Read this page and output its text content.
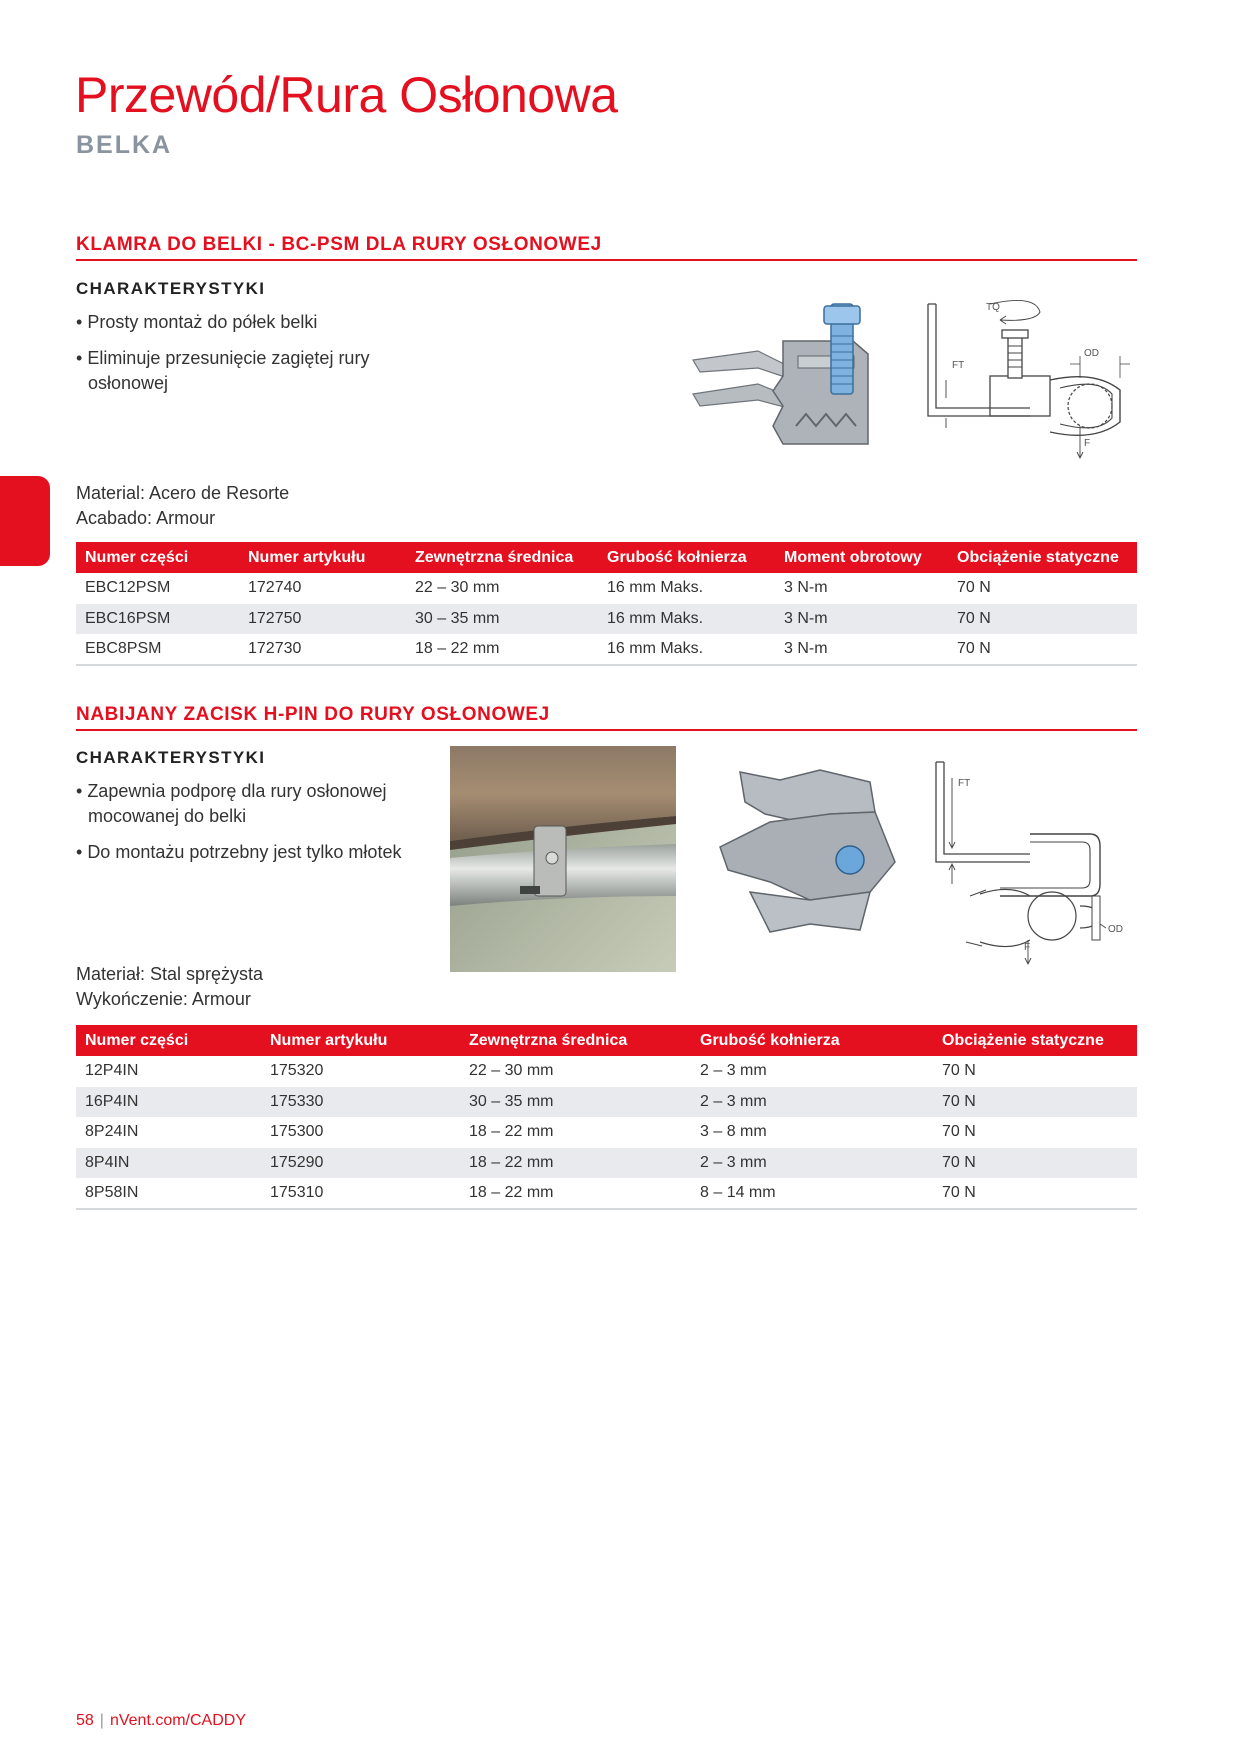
Przewód/Rura Osłonowa
BELKA
KLAMRA DO BELKI - BC-PSM DLA RURY OSŁONOWEJ
CHARAKTERYSTYKI
• Prosty montaż do półek belki
• Eliminuje przesunięcie zagiętej rury osłonowej
TQ
FT
OD
F
Material: Acero de Resorte
Acabado: Armour
Numer części	Numer artykułu	Zewnętrzna średnica	Grubość kołnierza	Moment obrotowy	Obciążenie statyczne
EBC12PSM	172740	22 – 30 mm	16 mm Maks.	3 N-m	70 N
EBC16PSM	172750	30 – 35 mm	16 mm Maks.	3 N-m	70 N
EBC8PSM	172730	18 – 22 mm	16 mm Maks.	3 N-m	70 N
NABIJANY ZACISK H-PIN DO RURY OSŁONOWEJ
CHARAKTERYSTYKI
• Zapewnia podporę dla rury osłonowej mocowanej do belki
• Do montażu potrzebny jest tylko młotek
FT
OD
F
Materiał: Stal sprężysta
Wykończenie: Armour
Numer części	Numer artykułu	Zewnętrzna średnica	Grubość kołnierza	Obciążenie statyczne
12P4IN	175320	22 – 30 mm	2 – 3 mm	70 N
16P4IN	175330	30 – 35 mm	2 – 3 mm	70 N
8P24IN	175300	18 – 22 mm	3 – 8 mm	70 N
8P4IN	175290	18 – 22 mm	2 – 3 mm	70 N
8P58IN	175310	18 – 22 mm	8 – 14 mm	70 N
58 | nVent.com/CADDY
